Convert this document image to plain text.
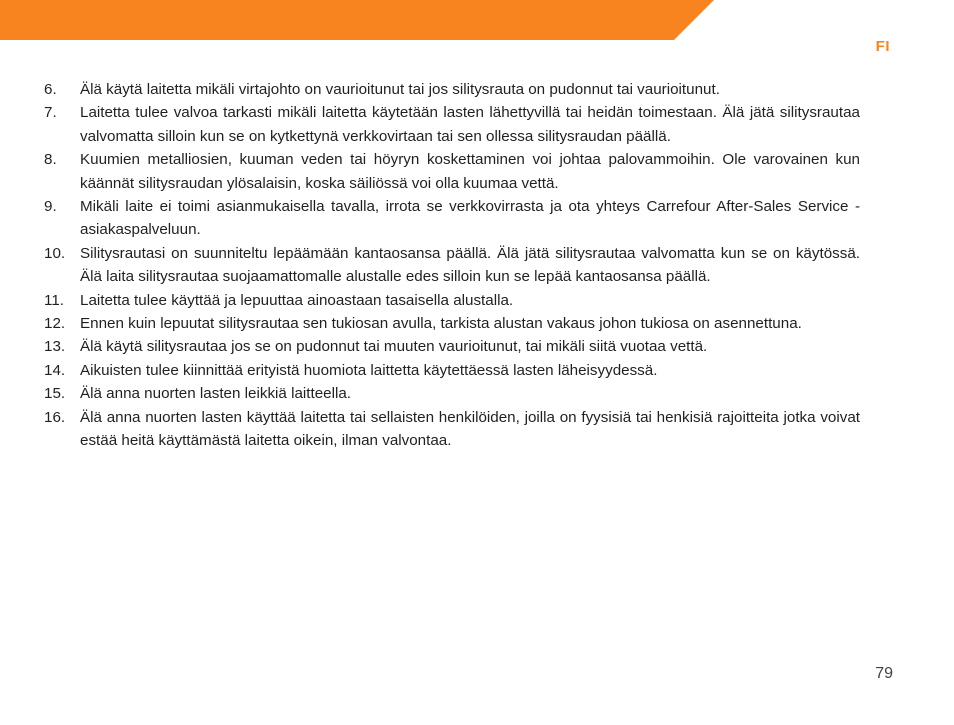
FI
6.	Älä käytä laitetta mikäli virtajohto on vaurioitunut tai jos silitysrauta on pudonnut tai vaurioitunut.
7.	Laitetta tulee valvoa tarkasti mikäli laitetta käytetään lasten lähettyvillä tai heidän toimestaan. Älä jätä silitysrautaa valvomatta silloin kun se on kytkettynä verkkovirtaan tai sen ollessa silitysraudan päällä.
8.	Kuumien metalliosien, kuuman veden tai höyryn koskettaminen voi johtaa palovammoihin. Ole varovainen kun käännät silitysraudan ylösalaisin, koska säiliössä voi olla kuumaa vettä.
9.	Mikäli laite ei toimi asianmukaisella tavalla, irrota se verkkovirrasta ja ota yhteys Carrefour After-Sales Service -asiakaspalveluun.
10. Silitysrautasi on suunniteltu lepäämään kantaosansa päällä. Älä jätä silitysrautaa valvomatta kun se on käytössä. Älä laita silitysrautaa suojaamattomalle alustalle edes silloin kun se lepää kantaosansa päällä.
11.	Laitetta tulee käyttää ja lepuuttaa ainoastaan tasaisella alustalla.
12. Ennen kuin lepuutat silitysrautaa sen tukiosan avulla, tarkista alustan vakaus johon tukiosa on asennettuna.
13. Älä käytä silitysrautaa jos se on pudonnut tai muuten vaurioitunut, tai mikäli siitä vuotaa vettä.
14. Aikuisten tulee kiinnittää erityistä huomiota laittetta käytettäessä lasten läheisyydessä.
15. Älä anna nuorten lasten leikkiä laitteella.
16. Älä anna nuorten lasten käyttää laitetta tai sellaisten henkilöiden, joilla on fyysisiä tai henkisiä rajoitteita jotka voivat estää heitä käyttämästä laitetta oikein, ilman valvontaa.
79
